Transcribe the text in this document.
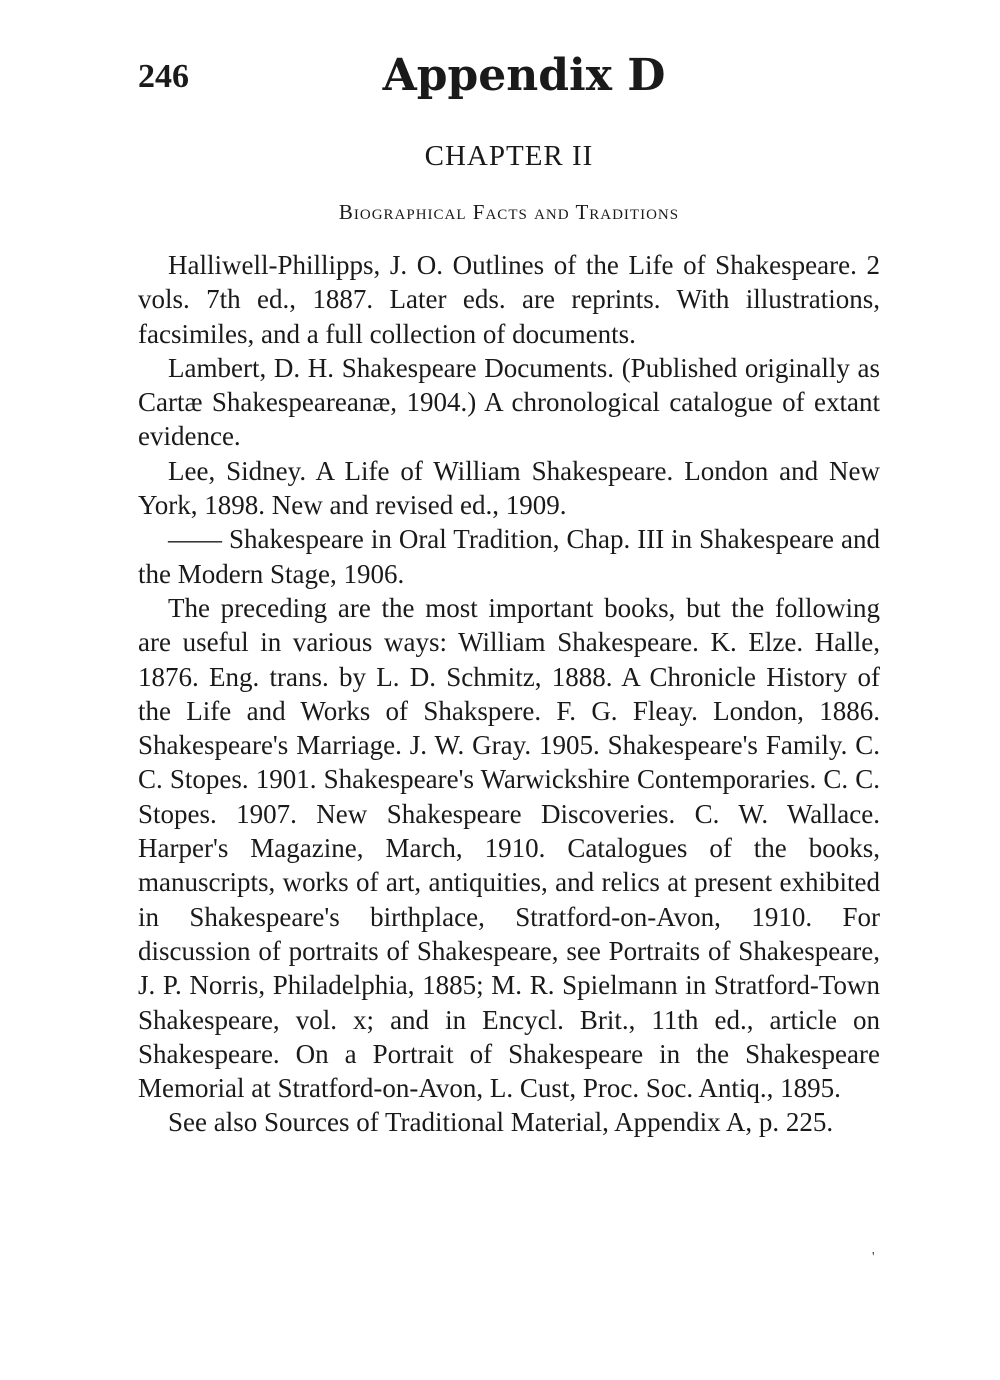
246	Appendix D
CHAPTER II
Biographical Facts and Traditions

Halliwell-Phillipps, J. O. Outlines of the Life of Shakespeare. 2 vols. 7th ed., 1887. Later eds. are reprints. With illustrations, facsimiles, and a full collection of documents.

Lambert, D. H. Shakespeare Documents. (Published originally as Cartæ Shakespeareanæ, 1904.) A chronological catalogue of extant evidence.

Lee, Sidney. A Life of William Shakespeare. London and New York, 1898. New and revised ed., 1909.

—— Shakespeare in Oral Tradition, Chap. III in Shakespeare and the Modern Stage, 1906.

The preceding are the most important books, but the following are useful in various ways: William Shakespeare. K. Elze. Halle, 1876. Eng. trans. by L. D. Schmitz, 1888. A Chronicle History of the Life and Works of Shakspere. F. G. Fleay. London, 1886. Shakespeare's Marriage. J. W. Gray. 1905. Shakespeare's Family. C. C. Stopes. 1901. Shakespeare's Warwickshire Contemporaries. C. C. Stopes. 1907. New Shakespeare Discoveries. C. W. Wallace. Harper's Magazine, March, 1910. Catalogues of the books, manuscripts, works of art, antiquities, and relics at present exhibited in Shakespeare's birthplace, Stratford-on-Avon, 1910. For discussion of portraits of Shakespeare, see Portraits of Shakespeare, J. P. Norris, Philadelphia, 1885; M. R. Spielmann in Stratford-Town Shakespeare, vol. x; and in Encycl. Brit., 11th ed., article on Shakespeare. On a Portrait of Shakespeare in the Shakespeare Memorial at Stratford-on-Avon, L. Cust, Proc. Soc. Antiq., 1895.

See also Sources of Traditional Material, Appendix A, p. 225.

'
